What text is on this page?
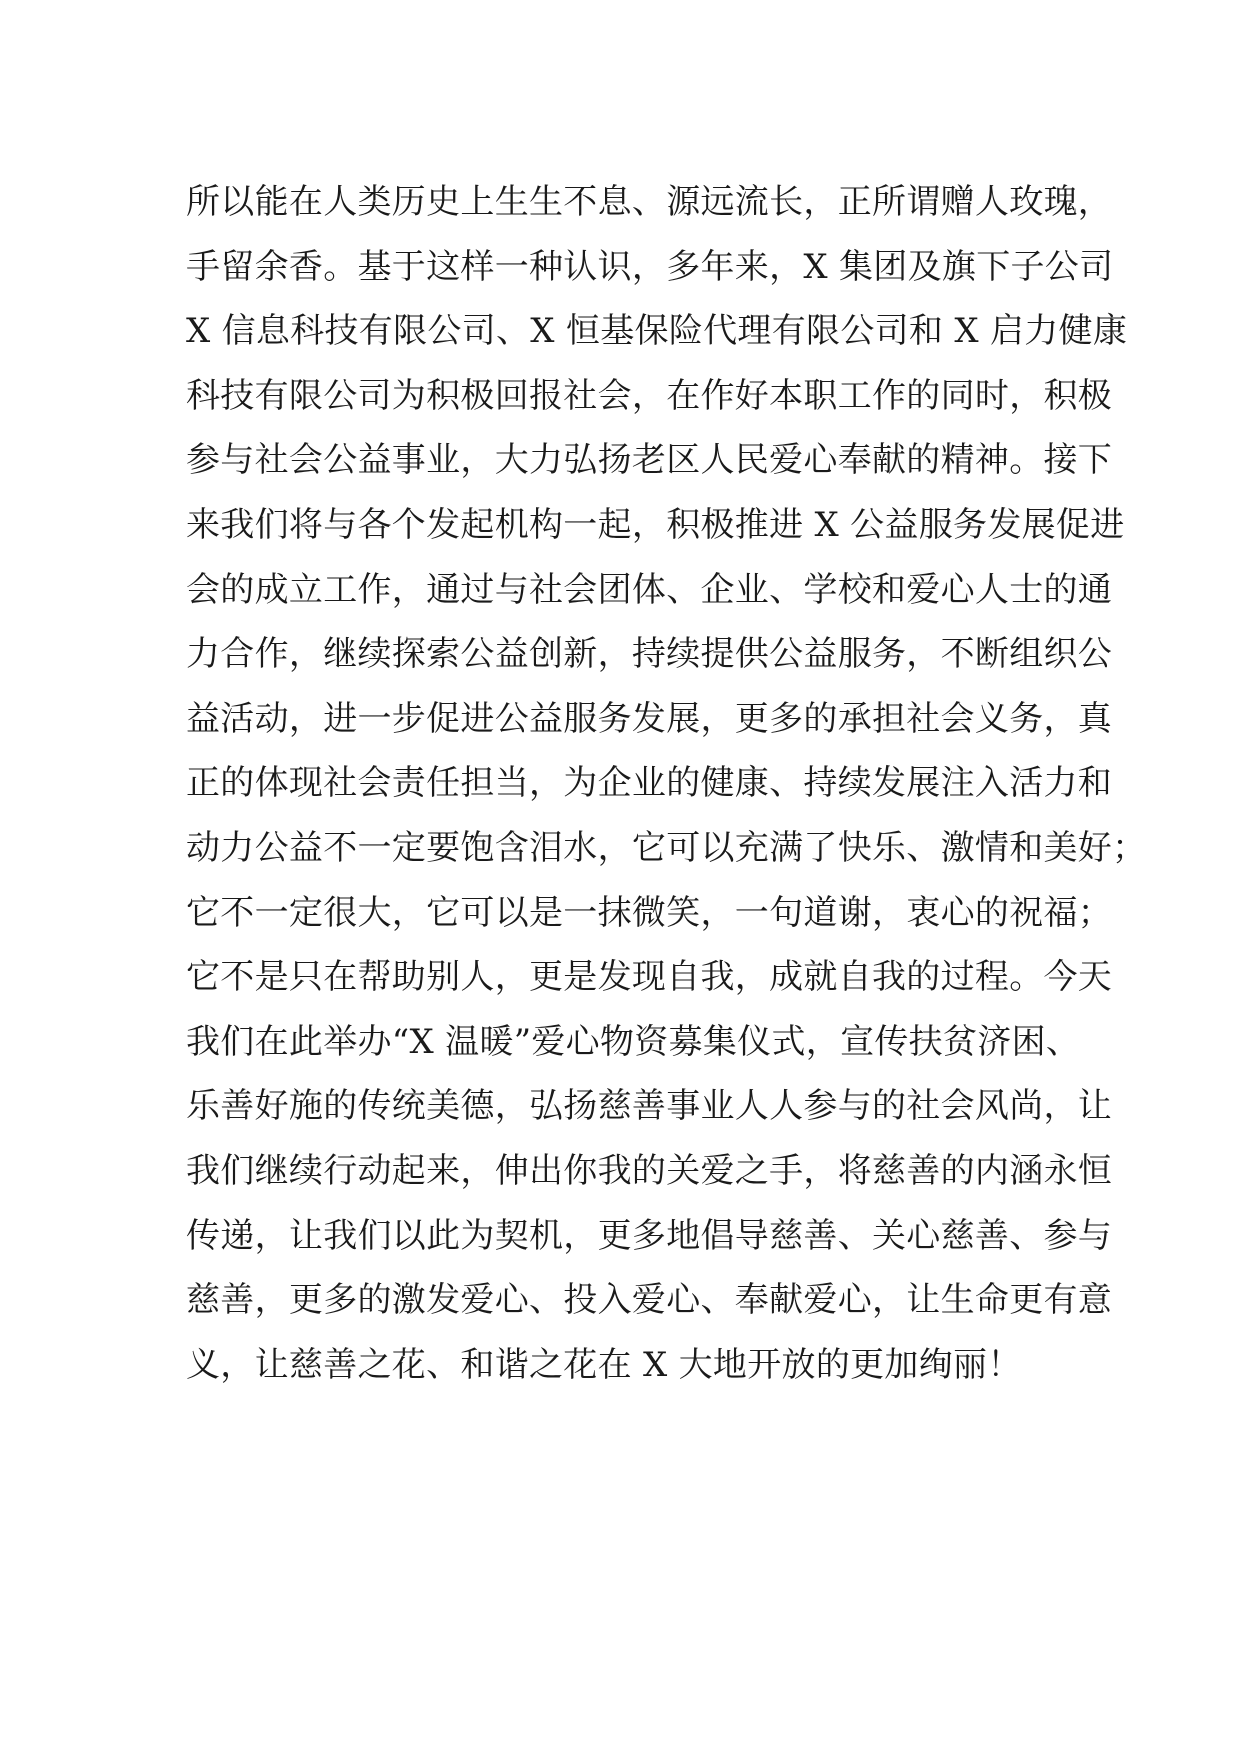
所以能在人类历史上生生不息、源远流长，正所谓赠人玫瑰，
手留余香。基于这样一种认识，多年来，X 集团及旗下子公司
X 信息科技有限公司、X 恒基保险代理有限公司和 X 启力健康
科技有限公司为积极回报社会，在作好本职工作的同时，积极
参与社会公益事业，大力弘扬老区人民爱心奉献的精神。接下
来我们将与各个发起机构一起，积极推进 X 公益服务发展促进
会的成立工作，通过与社会团体、企业、学校和爱心人士的通
力合作，继续探索公益创新，持续提供公益服务，不断组织公
益活动，进一步促进公益服务发展，更多的承担社会义务，真
正的体现社会责任担当，为企业的健康、持续发展注入活力和
动力公益不一定要饱含泪水，它可以充满了快乐、激情和美好；
它不一定很大，它可以是一抹微笑，一句道谢，衷心的祝福；
它不是只在帮助别人，更是发现自我，成就自我的过程。今天
我们在此举办“X 温暖”爱心物资募集仪式，宣传扶贫济困、
乐善好施的传统美德，弘扬慈善事业人人参与的社会风尚，让
我们继续行动起来，伸出你我的关爱之手，将慈善的内涵永恒
传递，让我们以此为契机，更多地倡导慈善、关心慈善、参与
慈善，更多的激发爱心、投入爱心、奉献爱心，让生命更有意
义，让慈善之花、和谐之花在 X 大地开放的更加绚丽！
